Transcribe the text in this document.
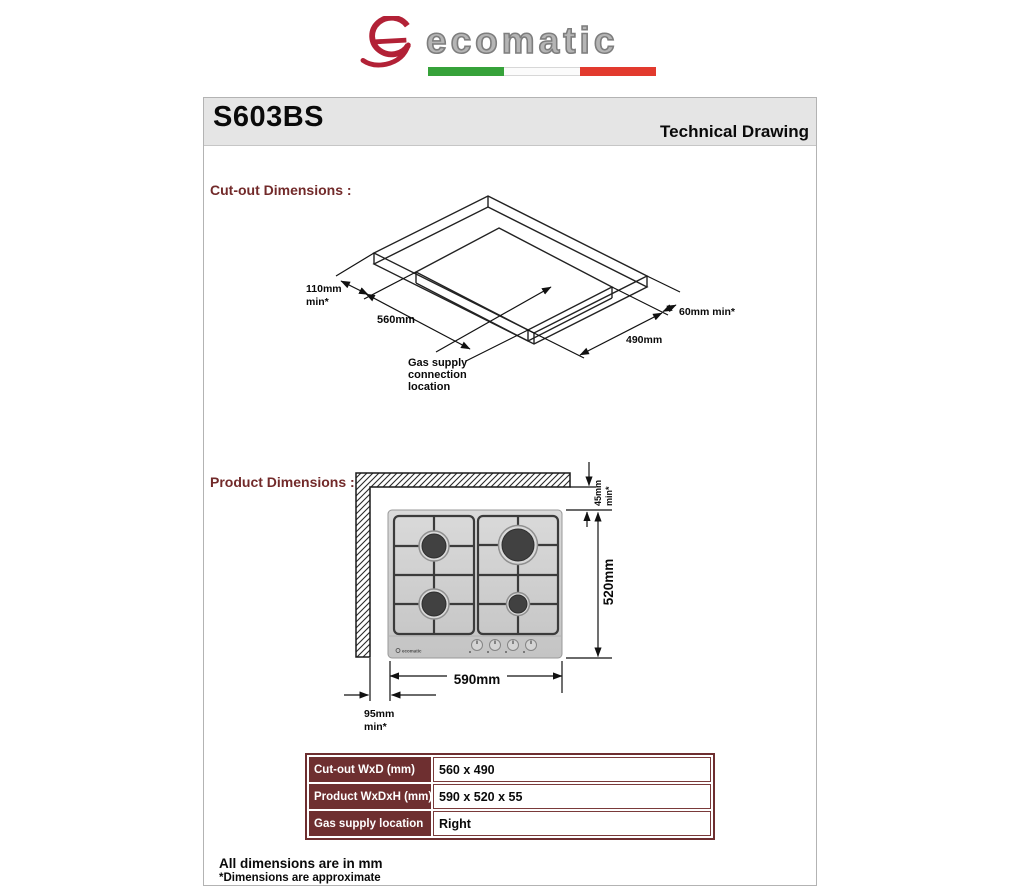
ecomatic
S603BS	Technical Drawing
Cut-out Dimensions :
Product Dimensions :
110mm
min*
560mm
60mm min*
490mm
Gas supply
connection
location
ecomatic
45mm min*
520mm
590mm
95mm
min*
Cut-out WxD (mm)	560 x 490
Product WxDxH (mm) 590 x 520 x 55
Gas supply location	Right
All dimensions are in mm
*Dimensions are approximate
